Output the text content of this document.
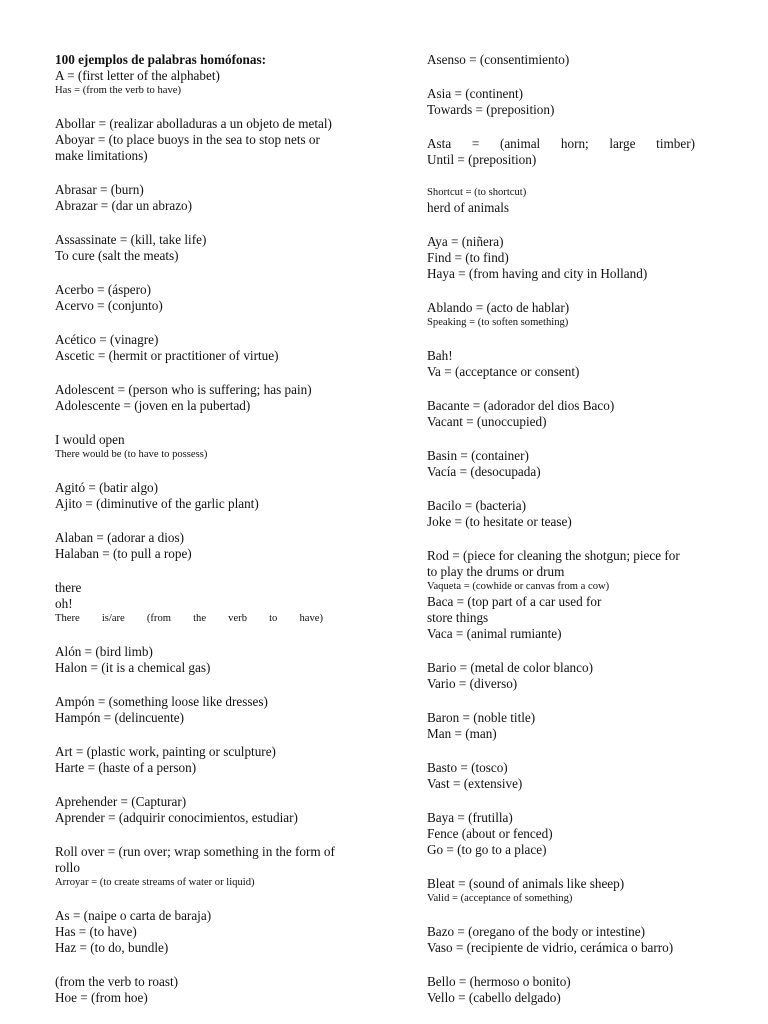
100 ejemplos de palabras homófonas:
A = (first letter of the alphabet)
Has = (from the verb to have)
Abollar = (realizar abolladuras a un objeto de metal)
Aboyar = (to place buoys in the sea to stop nets or
make limitations)
Abrasar = (burn)
Abrazar = (dar un abrazo)
Assassinate = (kill, take life)
To cure (salt the meats)
Acerbo = (áspero)
Acervo = (conjunto)
Acético = (vinagre)
Ascetic = (hermit or practitioner of virtue)
Adolescent = (person who is suffering; has pain)
Adolescente = (joven en la pubertad)
I would open
There would be (to have to possess)
Agitó = (batir algo)
Ajito = (diminutive of the garlic plant)
Alaban = (adorar a dios)
Halaban = (to pull a rope)
there
oh!
There is/are (from the verb to have)
Alón = (bird limb)
Halon = (it is a chemical gas)
Ampón = (something loose like dresses)
Hampón = (delincuente)
Art = (plastic work, painting or sculpture)
Harte = (haste of a person)
Aprehender = (Capturar)
Aprender = (adquirir conocimientos, estudiar)
Roll over = (run over; wrap something in the form of
rollo
Arroyar = (to create streams of water or liquid)
As = (naipe o carta de baraja)
Has = (to have)
Haz = (to do, bundle)
(from the verb to roast)
Hoe = (from hoe)
Asenso = (consentimiento)
Asia = (continent)
Towards = (preposition)
Asta = (animal horn; large timber)
Until = (preposition)
Shortcut = (to shortcut)
herd of animals
Aya = (niñera)
Find = (to find)
Haya = (from having and city in Holland)
Ablando = (acto de hablar)
Speaking = (to soften something)
Bah!
Va = (acceptance or consent)
Bacante = (adorador del dios Baco)
Vacant = (unoccupied)
Basin = (container)
Vacía = (desocupada)
Bacilo = (bacteria)
Joke = (to hesitate or tease)
Rod = (piece for cleaning the shotgun; piece for
to play the drums or drum
Vaqueta = (cowhide or canvas from a cow)
Baca = (top part of a car used for
store things
Vaca = (animal rumiante)
Bario = (metal de color blanco)
Vario = (diverso)
Baron = (noble title)
Man = (man)
Basto = (tosco)
Vast = (extensive)
Baya = (frutilla)
Fence (about or fenced)
Go = (to go to a place)
Bleat = (sound of animals like sheep)
Valid = (acceptance of something)
Bazo = (oregano of the body or intestine)
Vaso = (recipiente de vidrio, cerámica o barro)
Bello = (hermoso o bonito)
Vello = (cabello delgado)
